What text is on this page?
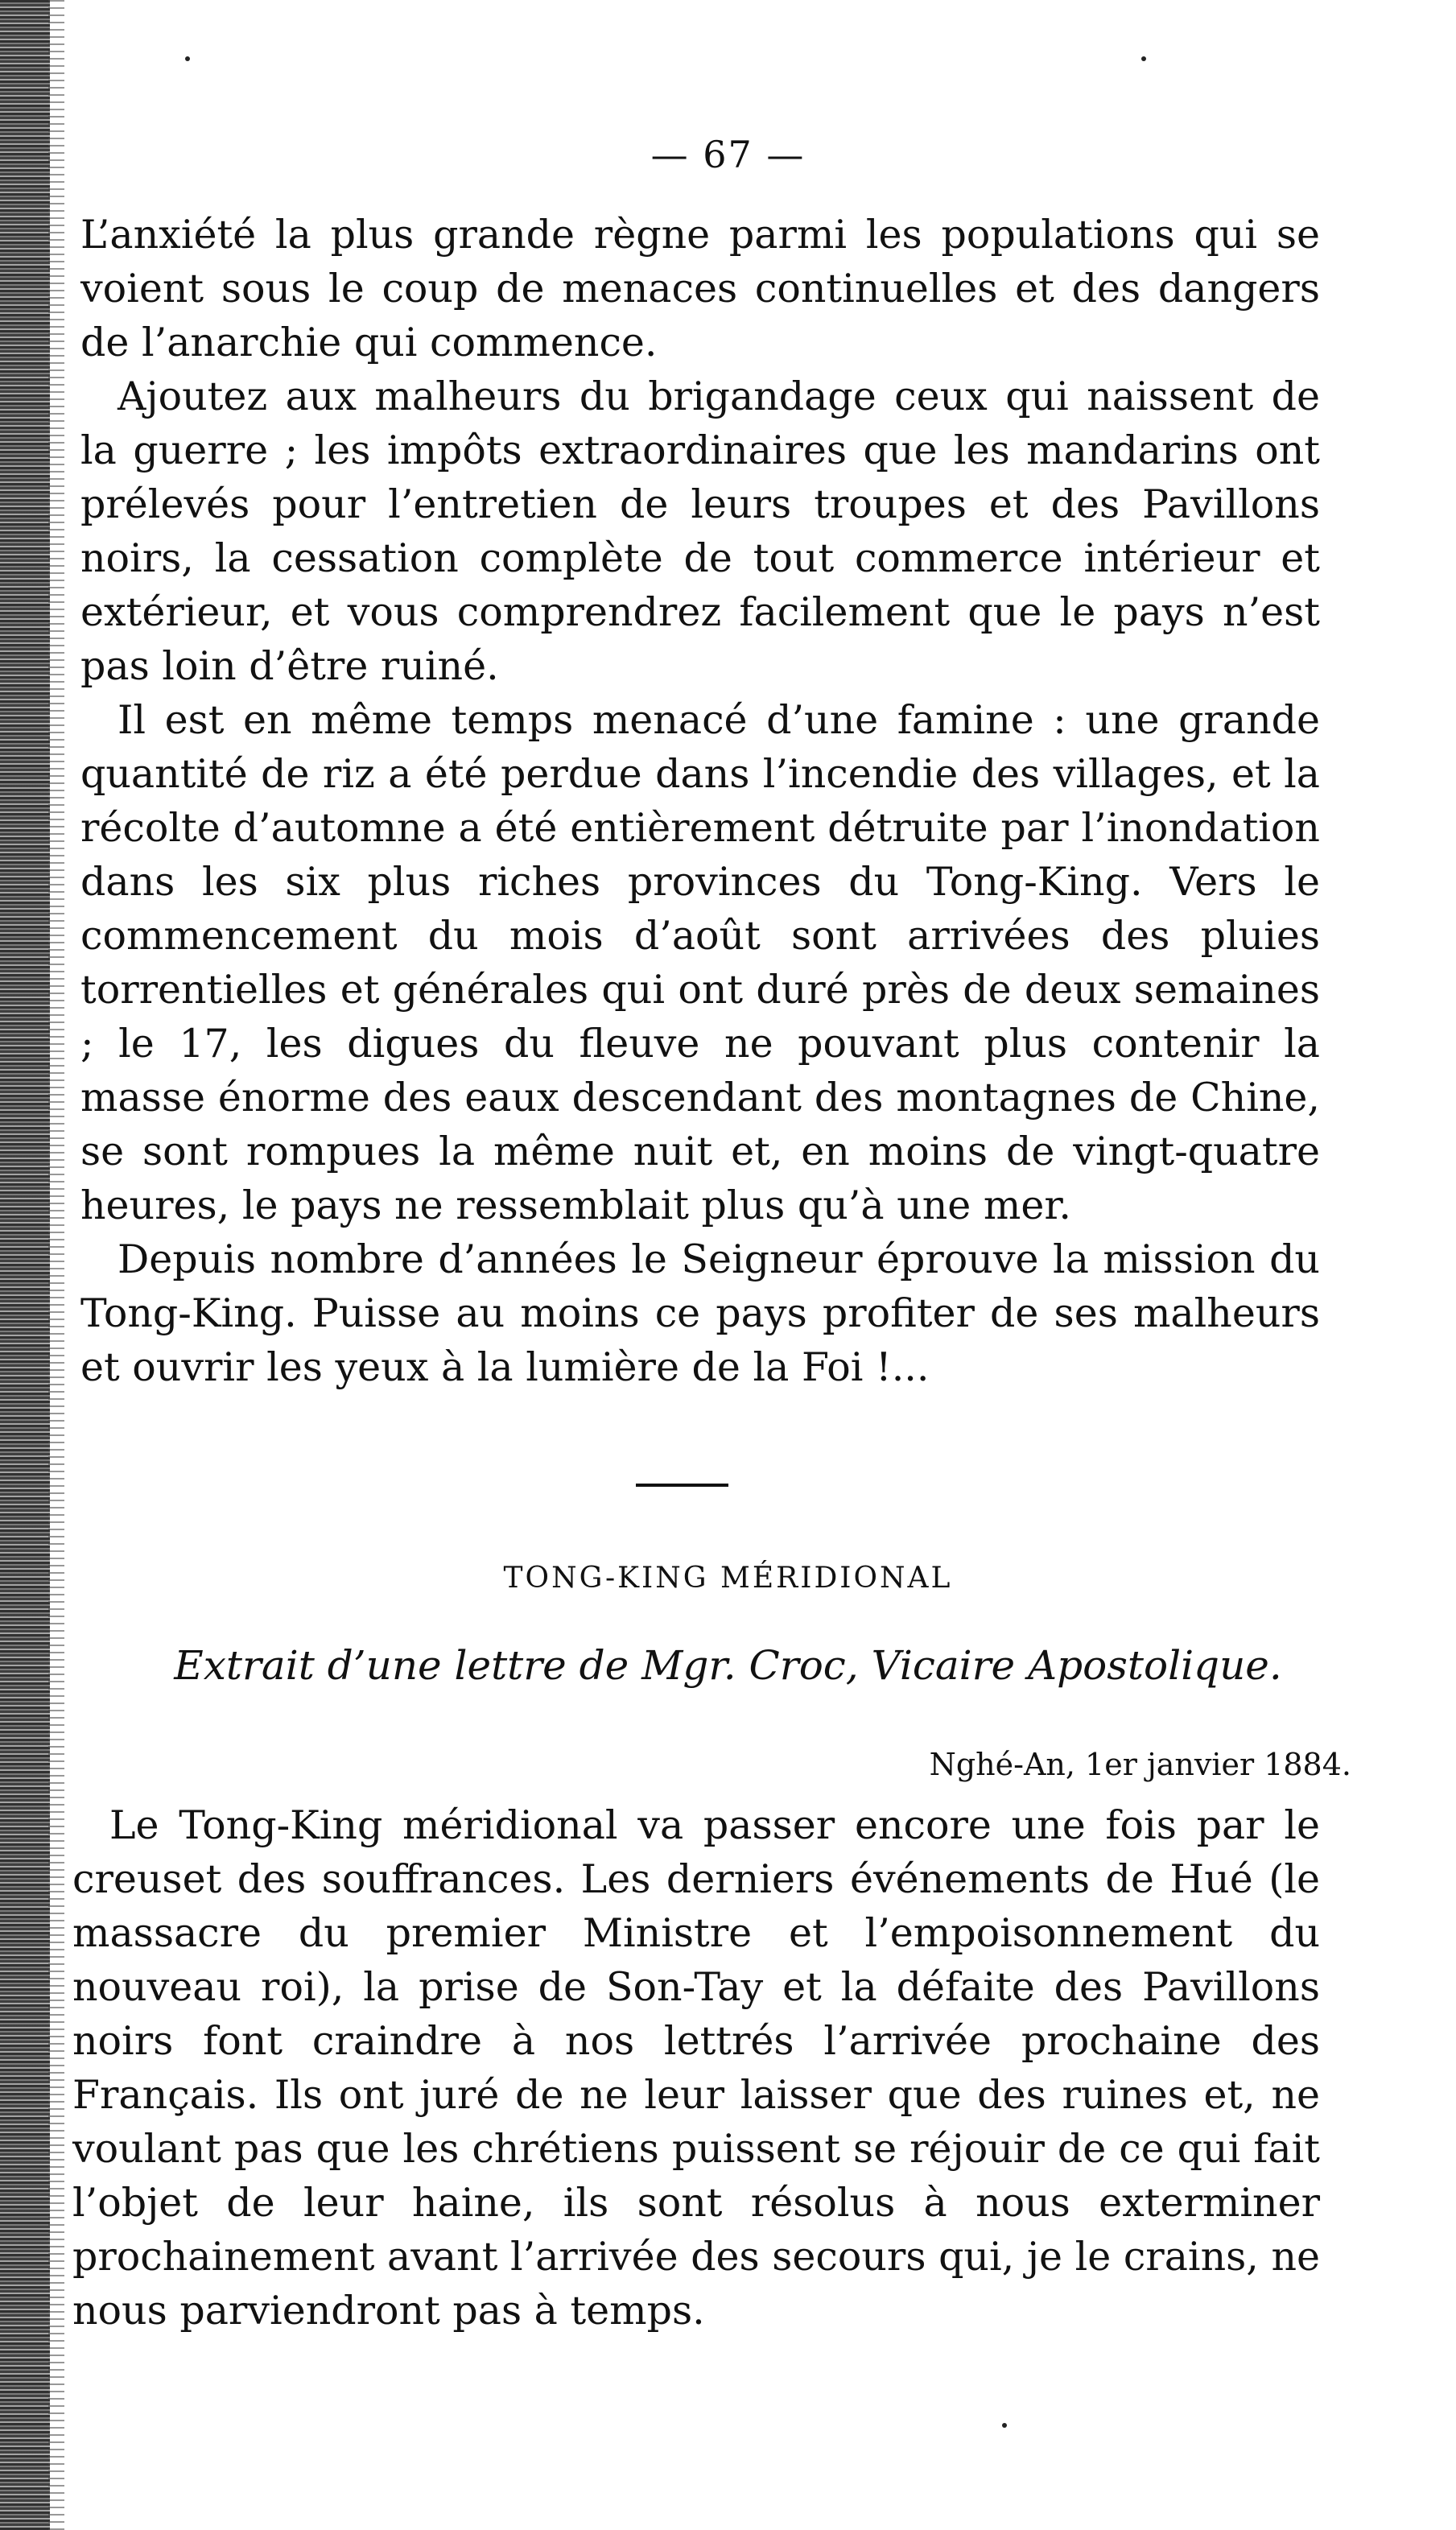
— 67 —

L’anxiété la plus grande règne parmi les populations qui se voient sous le coup de menaces continuelles et des dangers de l’anarchie qui commence.

Ajoutez aux malheurs du brigandage ceux qui naissent de la guerre ; les impôts extraordinaires que les mandarins ont prélevés pour l’entretien de leurs troupes et des Pavillons noirs, la cessation complète de tout commerce intérieur et extérieur, et vous comprendrez facilement que le pays n’est pas loin d’être ruiné.

Il est en même temps menacé d’une famine : une grande quantité de riz a été perdue dans l’incendie des villages, et la récolte d’automne a été entièrement détruite par l’inondation dans les six plus riches provinces du Tong-King. Vers le commencement du mois d’août sont arrivées des pluies torrentielles et générales qui ont duré près de deux semaines ; le 17, les digues du fleuve ne pouvant plus contenir la masse énorme des eaux descendant des montagnes de Chine, se sont rompues la même nuit et, en moins de vingt-quatre heures, le pays ne ressemblait plus qu’à une mer.

Depuis nombre d’années le Seigneur éprouve la mission du Tong-King. Puisse au moins ce pays profiter de ses malheurs et ouvrir les yeux à la lumière de la Foi !...

TONG-KING MÉRIDIONAL
Extrait d’une lettre de Mgr. Croc, Vicaire Apostolique.
Nghé-An, 1er janvier 1884.

Le Tong-King méridional va passer encore une fois par le creuset des souffrances. Les derniers événements de Hué (le massacre du premier Ministre et l’empoisonnement du nouveau roi), la prise de Son-Tay et la défaite des Pavillons noirs font craindre à nos lettrés l’arrivée prochaine des Français. Ils ont juré de ne leur laisser que des ruines et, ne voulant pas que les chrétiens puissent se réjouir de ce qui fait l’objet de leur haine, ils sont résolus à nous exterminer prochainement avant l’arrivée des secours qui, je le crains, ne nous parviendront pas à temps.
